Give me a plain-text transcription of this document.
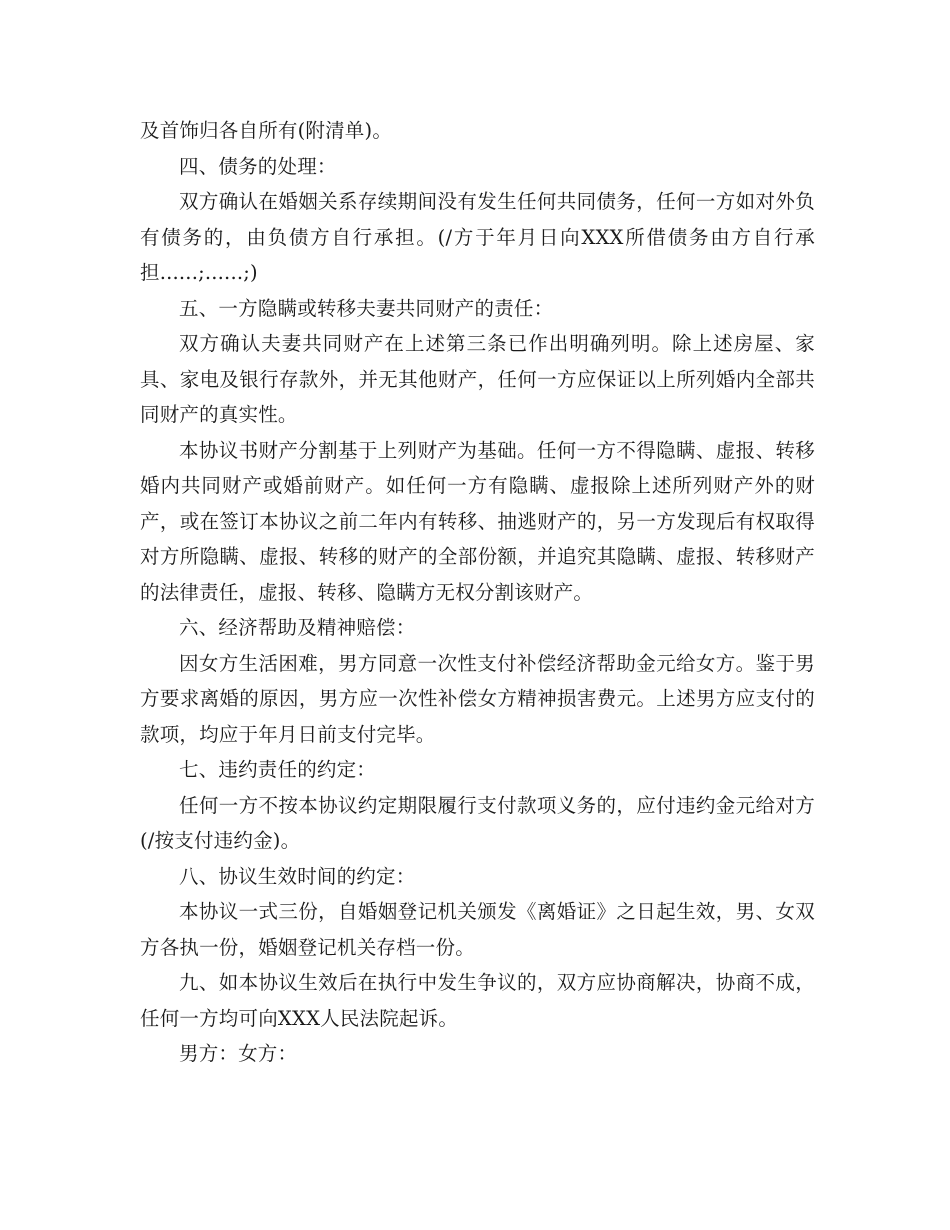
及首饰归各自所有(附清单)。

四、债务的处理：

双方确认在婚姻关系存续期间没有发生任何共同债务，任何一方如对外负有债务的，由负债方自行承担。(/方于年月日向XXX所借债务由方自行承担......;......;)

五、一方隐瞒或转移夫妻共同财产的责任：

双方确认夫妻共同财产在上述第三条已作出明确列明。除上述房屋、家具、家电及银行存款外，并无其他财产，任何一方应保证以上所列婚内全部共同财产的真实性。

本协议书财产分割基于上列财产为基础。任何一方不得隐瞒、虚报、转移婚内共同财产或婚前财产。如任何一方有隐瞒、虚报除上述所列财产外的财产，或在签订本协议之前二年内有转移、抽逃财产的，另一方发现后有权取得对方所隐瞒、虚报、转移的财产的全部份额，并追究其隐瞒、虚报、转移财产的法律责任，虚报、转移、隐瞒方无权分割该财产。

六、经济帮助及精神赔偿：

因女方生活困难，男方同意一次性支付补偿经济帮助金元给女方。鉴于男方要求离婚的原因，男方应一次性补偿女方精神损害费元。上述男方应支付的款项，均应于年月日前支付完毕。

七、违约责任的约定：

任何一方不按本协议约定期限履行支付款项义务的，应付违约金元给对方(/按支付违约金)。

八、协议生效时间的约定：

本协议一式三份，自婚姻登记机关颁发《离婚证》之日起生效，男、女双方各执一份，婚姻登记机关存档一份。

九、如本协议生效后在执行中发生争议的，双方应协商解决，协商不成，任何一方均可向XXX人民法院起诉。

男方：女方：
